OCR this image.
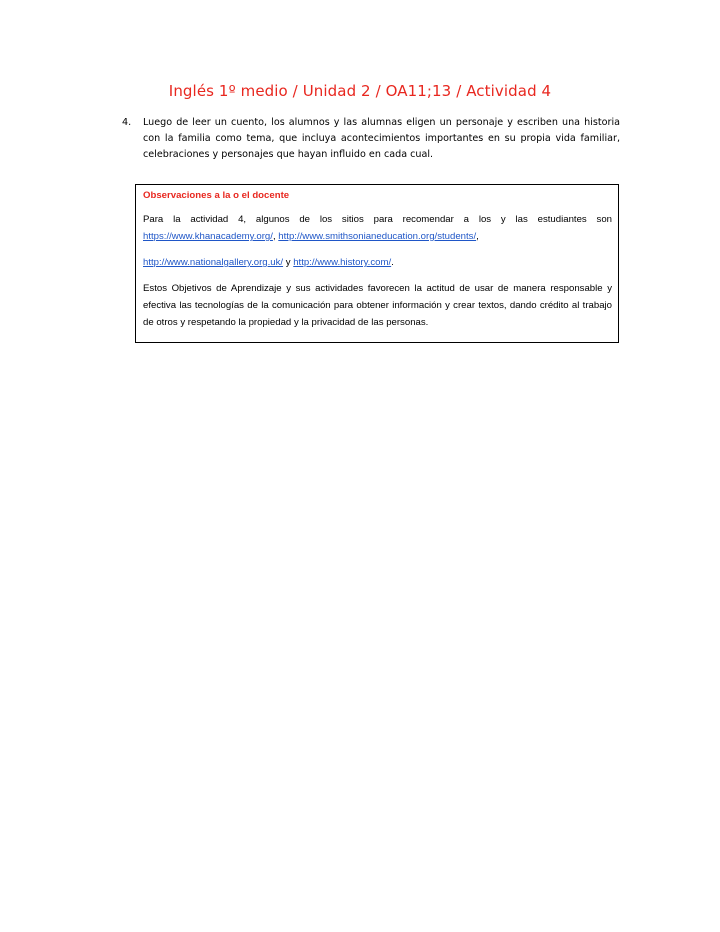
Inglés 1º medio / Unidad 2 / OA11;13 / Actividad 4
4.	Luego de leer un cuento, los alumnos y las alumnas eligen un personaje y escriben una historia con la familia como tema, que incluya acontecimientos importantes en su propia vida familiar, celebraciones y personajes que hayan influido en cada cual.
Observaciones a la o el docente

Para la actividad 4, algunos de los sitios para recomendar a los y las estudiantes son https://www.khanacademy.org/, http://www.smithsonianeducation.org/students/,

http://www.nationalgallery.org.uk/ y http://www.history.com/.

Estos Objetivos de Aprendizaje y sus actividades favorecen la actitud de usar de manera responsable y efectiva las tecnologías de la comunicación para obtener información y crear textos, dando crédito al trabajo de otros y respetando la propiedad y la privacidad de las personas.
